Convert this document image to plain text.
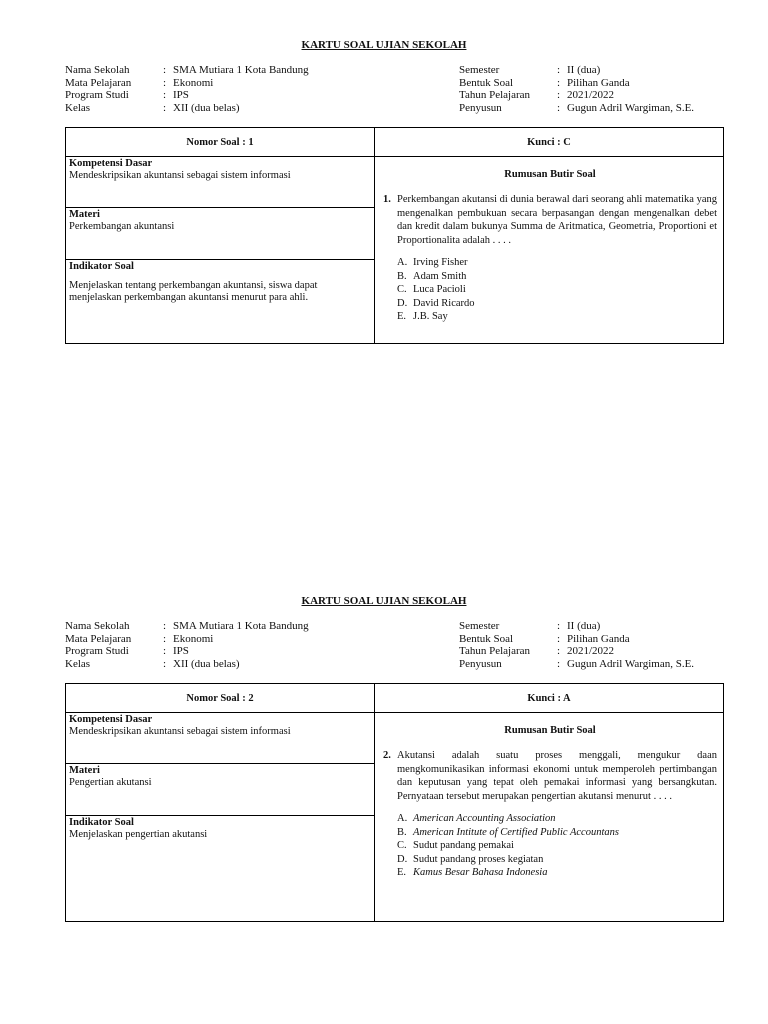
KARTU SOAL UJIAN SEKOLAH
Nama Sekolah	: SMA Mutiara 1 Kota Bandung
Mata Pelajaran	: Ekonomi
Program Studi	: IPS
Kelas	: XII (dua belas)
Semester	: II (dua)
Bentuk Soal	: Pilihan Ganda
Tahun Pelajaran	: 2021/2022
Penyusun	: Gugun Adril Wargiman, S.E.
Nomor Soal : 1	Kunci : C
Kompetensi Dasar
Mendeskripsikan akuntansi sebagai sistem informasi
Materi
Perkembangan akuntansi
Indikator Soal
Menjelaskan tentang perkembangan akuntansi, siswa dapat menjelaskan perkembangan akuntansi menurut para ahli.
Rumusan Butir Soal
1. Perkembangan akutansi di dunia berawal dari seorang ahli matematika yang mengenalkan pembukuan secara berpasangan dengan mengenalkan debet dan kredit dalam bukunya Summa de Aritmatica, Geometria, Proportioni et Proportionalita adalah . . . .
A. Irving Fisher
B. Adam Smith
C. Luca Pacioli
D. David Ricardo
E. J.B. Say
KARTU SOAL UJIAN SEKOLAH
Nama Sekolah	: SMA Mutiara 1 Kota Bandung
Mata Pelajaran	: Ekonomi
Program Studi	: IPS
Kelas	: XII (dua belas)
Semester	: II (dua)
Bentuk Soal	: Pilihan Ganda
Tahun Pelajaran	: 2021/2022
Penyusun	: Gugun Adril Wargiman, S.E.
Nomor Soal : 2	Kunci : A
Kompetensi Dasar
Mendeskripsikan akuntansi sebagai sistem informasi
Materi
Pengertian akutansi
Indikator Soal
Menjelaskan pengertian akutansi
Rumusan Butir Soal
2. Akutansi adalah suatu proses menggali, mengukur daan mengkomunikasikan informasi ekonomi untuk memperoleh pertimbangan dan keputusan yang tepat oleh pemakai informasi yang bersangkutan. Pernyataan tersebut merupakan pengertian akutansi menurut . . . .
A. American Accounting Association
B. American Intitute of Certified Public Accountans
C. Sudut pandang pemakai
D. Sudut pandang proses kegiatan
E. Kamus Besar Bahasa Indonesia
